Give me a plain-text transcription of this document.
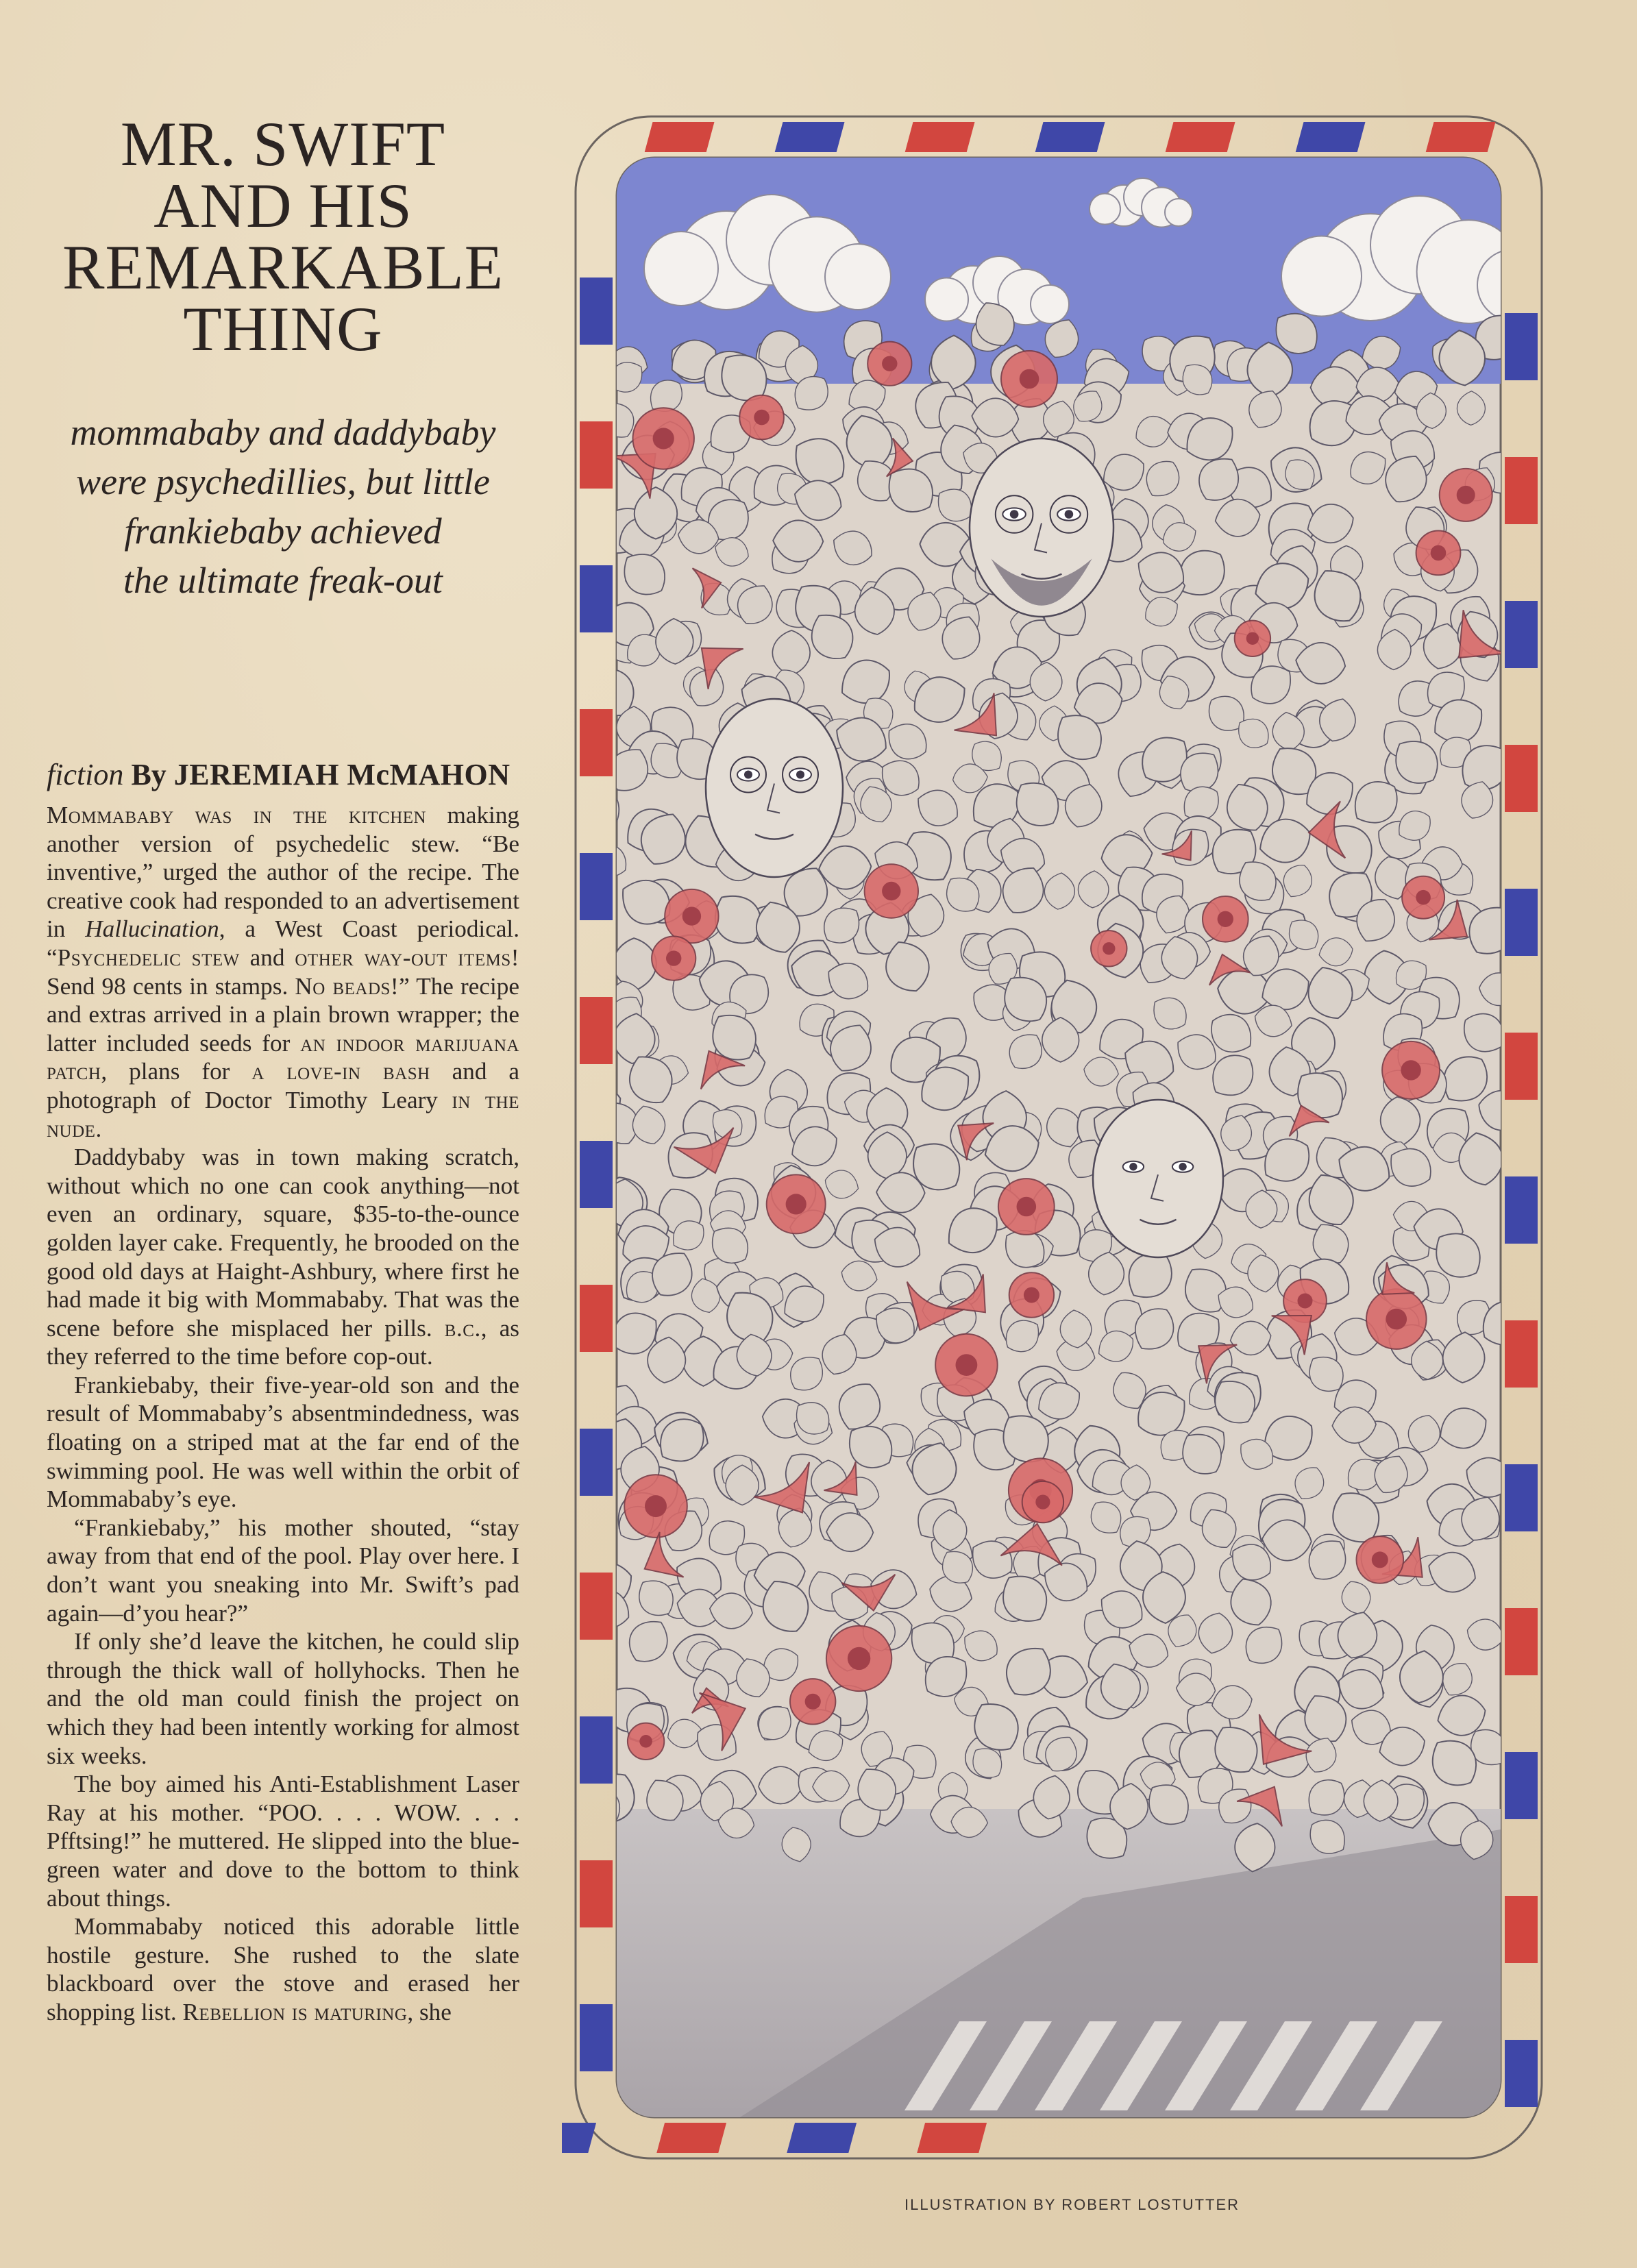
MR. SWIFT
AND HIS
REMARKABLE
THING
mommababy and daddybaby
were psychedillies, but little
frankiebaby achieved
the ultimate freak-out
fiction By JEREMIAH McMAHON

Mommababy was in the kitchen making another version of psychedelic stew. “Be inventive,” urged the author of the recipe. The creative cook had responded to an advertisement in Hallucination, a West Coast periodical. “Psychedelic stew and other way-out items! Send 98 cents in stamps. No beads!” The recipe and extras arrived in a plain brown wrapper; the latter included seeds for an indoor marijuana patch, plans for a love-in bash and a photograph of Doctor Timothy Leary in the nude.

Daddybaby was in town making scratch, without which no one can cook anything—not even an ordinary, square, $35-to-the-ounce golden layer cake. Frequently, he brooded on the good old days at Haight-Ashbury, where first he had made it big with Mommababy. That was the scene before she misplaced her pills. b.c., as they referred to the time before cop-out.

Frankiebaby, their five-year-old son and the result of Mommababy’s absentmindedness, was floating on a striped mat at the far end of the swimming pool. He was well within the orbit of Mommababy’s eye.

“Frankiebaby,” his mother shouted, “stay away from that end of the pool. Play over here. I don’t want you sneaking into Mr. Swift’s pad again—d’you hear?”

If only she’d leave the kitchen, he could slip through the thick wall of hollyhocks. Then he and the old man could finish the project on which they had been intently working for almost six weeks.

The boy aimed his Anti-Establishment Laser Ray at his mother. “POO. . . . WOW. . . . Pfftsing!” he muttered. He slipped into the blue-green water and dove to the bottom to think about things.

Mommababy noticed this adorable little hostile gesture. She rushed to the slate blackboard over the stove and erased her shopping list. Rebellion is maturing, she

ILLUSTRATION BY ROBERT LOSTUTTER
